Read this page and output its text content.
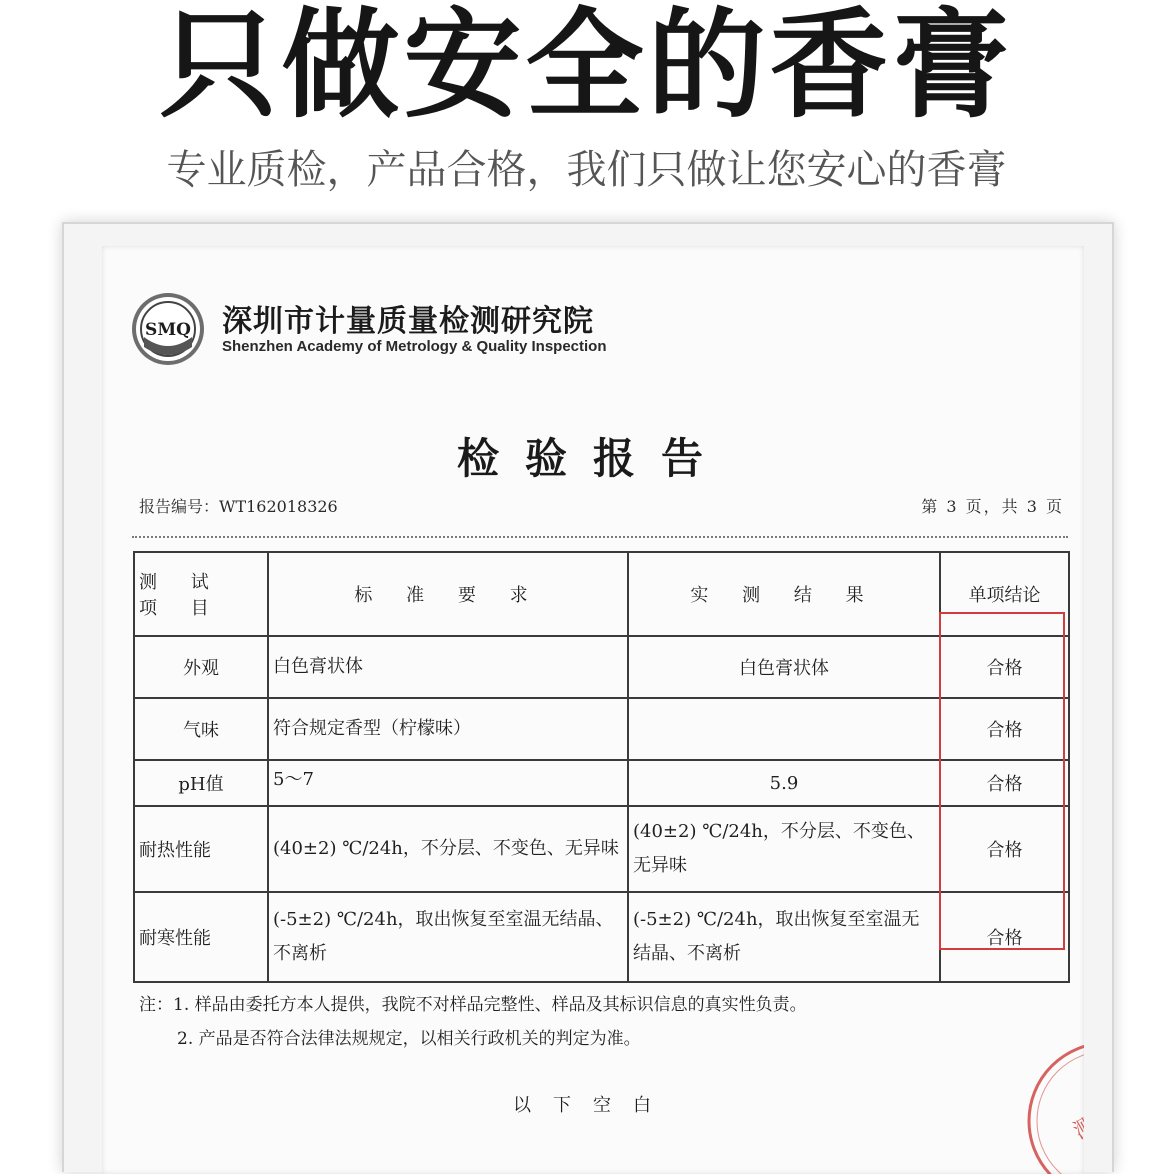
只做安全的香膏
专业质检，产品合格，我们只做让您安心的香膏
SMQ 深圳市计量质量检测研究院
Shenzhen Academy of Metrology & Quality Inspection
检验报告
报告编号：WT162018326	第 3 页，共 3 页
测 试 项 目	标 准 要 求	实 测 结 果	单项结论
外观	白色膏状体	白色膏状体	合格
气味	符合规定香型（柠檬味）		合格
pH值	5～7	5.9	合格
耐热性能	(40±2) ℃/24h，不分层、不变色、无异味	(40±2) ℃/24h，不分层、不变色、无异味	合格
耐寒性能	(-5±2) ℃/24h，取出恢复至室温无结晶、不离析	(-5±2) ℃/24h，取出恢复至室温无结晶、不离析	合格
注：1. 样品由委托方本人提供，我院不对样品完整性、样品及其标识信息的真实性负责。
2. 产品是否符合法律法规规定，以相关行政机关的判定为准。
以下空白	测研究
